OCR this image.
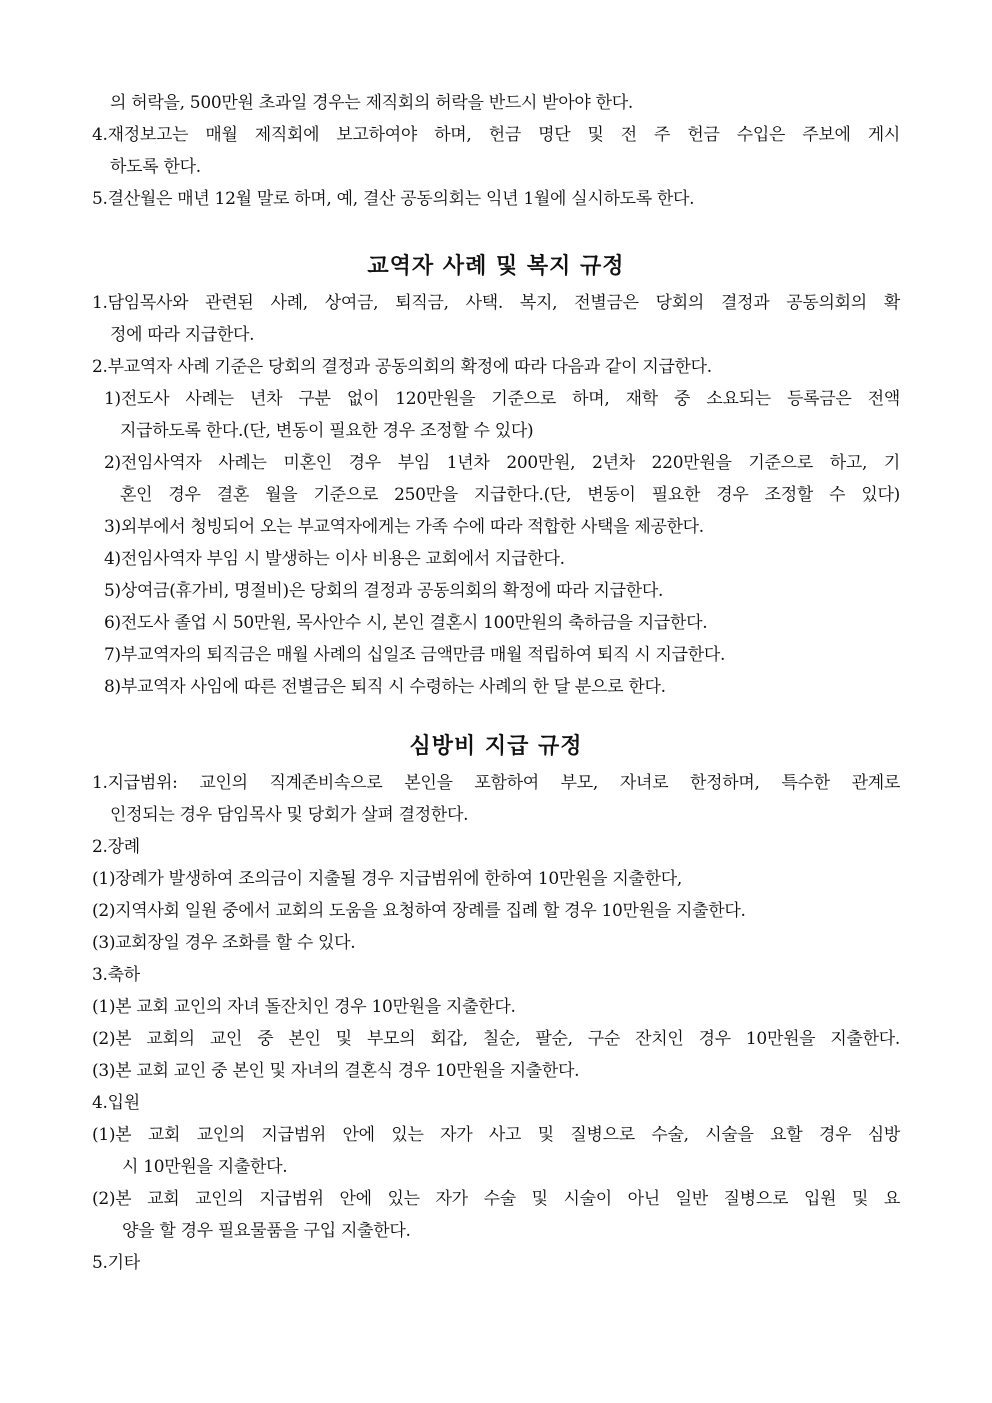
의 허락을, 500만원 초과일 경우는 제직회의 허락을 반드시 받아야 한다.
4.재정보고는 매월 제직회에 보고하여야 하며, 헌금 명단 및 전 주 헌금 수입은 주보에 게시
하도록 한다.
5.결산월은 매년 12월 말로 하며, 예, 결산 공동의회는 익년 1월에 실시하도록 한다.
교역자 사례 및 복지 규정
1.담임목사와 관련된 사례, 상여금, 퇴직금, 사택. 복지, 전별금은 당회의 결정과 공동의회의 확
정에 따라 지급한다.
2.부교역자 사례 기준은 당회의 결정과 공동의회의 확정에 따라 다음과 같이 지급한다.
1)전도사 사례는 년차 구분 없이 120만원을 기준으로 하며, 재학 중 소요되는 등록금은 전액
지급하도록 한다.(단, 변동이 필요한 경우 조정할 수 있다)
2)전임사역자 사례는 미혼인 경우 부임 1년차 200만원, 2년차 220만원을 기준으로 하고, 기
혼인 경우 결혼 월을 기준으로 250만을 지급한다.(단, 변동이 필요한 경우 조정할 수 있다)
3)외부에서 청빙되어 오는 부교역자에게는 가족 수에 따라 적합한 사택을 제공한다.
4)전임사역자 부임 시 발생하는 이사 비용은 교회에서 지급한다.
5)상여금(휴가비, 명절비)은 당회의 결정과 공동의회의 확정에 따라 지급한다.
6)전도사 졸업 시 50만원, 목사안수 시, 본인 결혼시 100만원의 축하금을 지급한다.
7)부교역자의 퇴직금은 매월 사례의 십일조 금액만큼 매월 적립하여 퇴직 시 지급한다.
8)부교역자 사임에 따른 전별금은 퇴직 시 수령하는 사례의 한 달 분으로 한다.
심방비 지급 규정
1.지급범위: 교인의 직계존비속으로 본인을 포함하여 부모, 자녀로 한정하며, 특수한 관계로
인정되는 경우 담임목사 및 당회가 살펴 결정한다.
2.장례
(1)장례가 발생하여 조의금이 지출될 경우 지급범위에 한하여 10만원을 지출한다,
(2)지역사회 일원 중에서 교회의 도움을 요청하여 장례를 집례 할 경우 10만원을 지출한다.
(3)교회장일 경우 조화를 할 수 있다.
3.축하
(1)본 교회 교인의 자녀 돌잔치인 경우 10만원을 지출한다.
(2)본 교회의 교인 중 본인 및 부모의 회갑, 칠순, 팔순, 구순 잔치인 경우 10만원을 지출한다.
(3)본 교회 교인 중 본인 및 자녀의 결혼식 경우 10만원을 지출한다.
4.입원
(1)본 교회 교인의 지급범위 안에 있는 자가 사고 및 질병으로 수술, 시술을 요할 경우 심방
시 10만원을 지출한다.
(2)본 교회 교인의 지급범위 안에 있는 자가 수술 및 시술이 아닌 일반 질병으로 입원 및 요
양을 할 경우 필요물품을 구입 지출한다.
5.기타
